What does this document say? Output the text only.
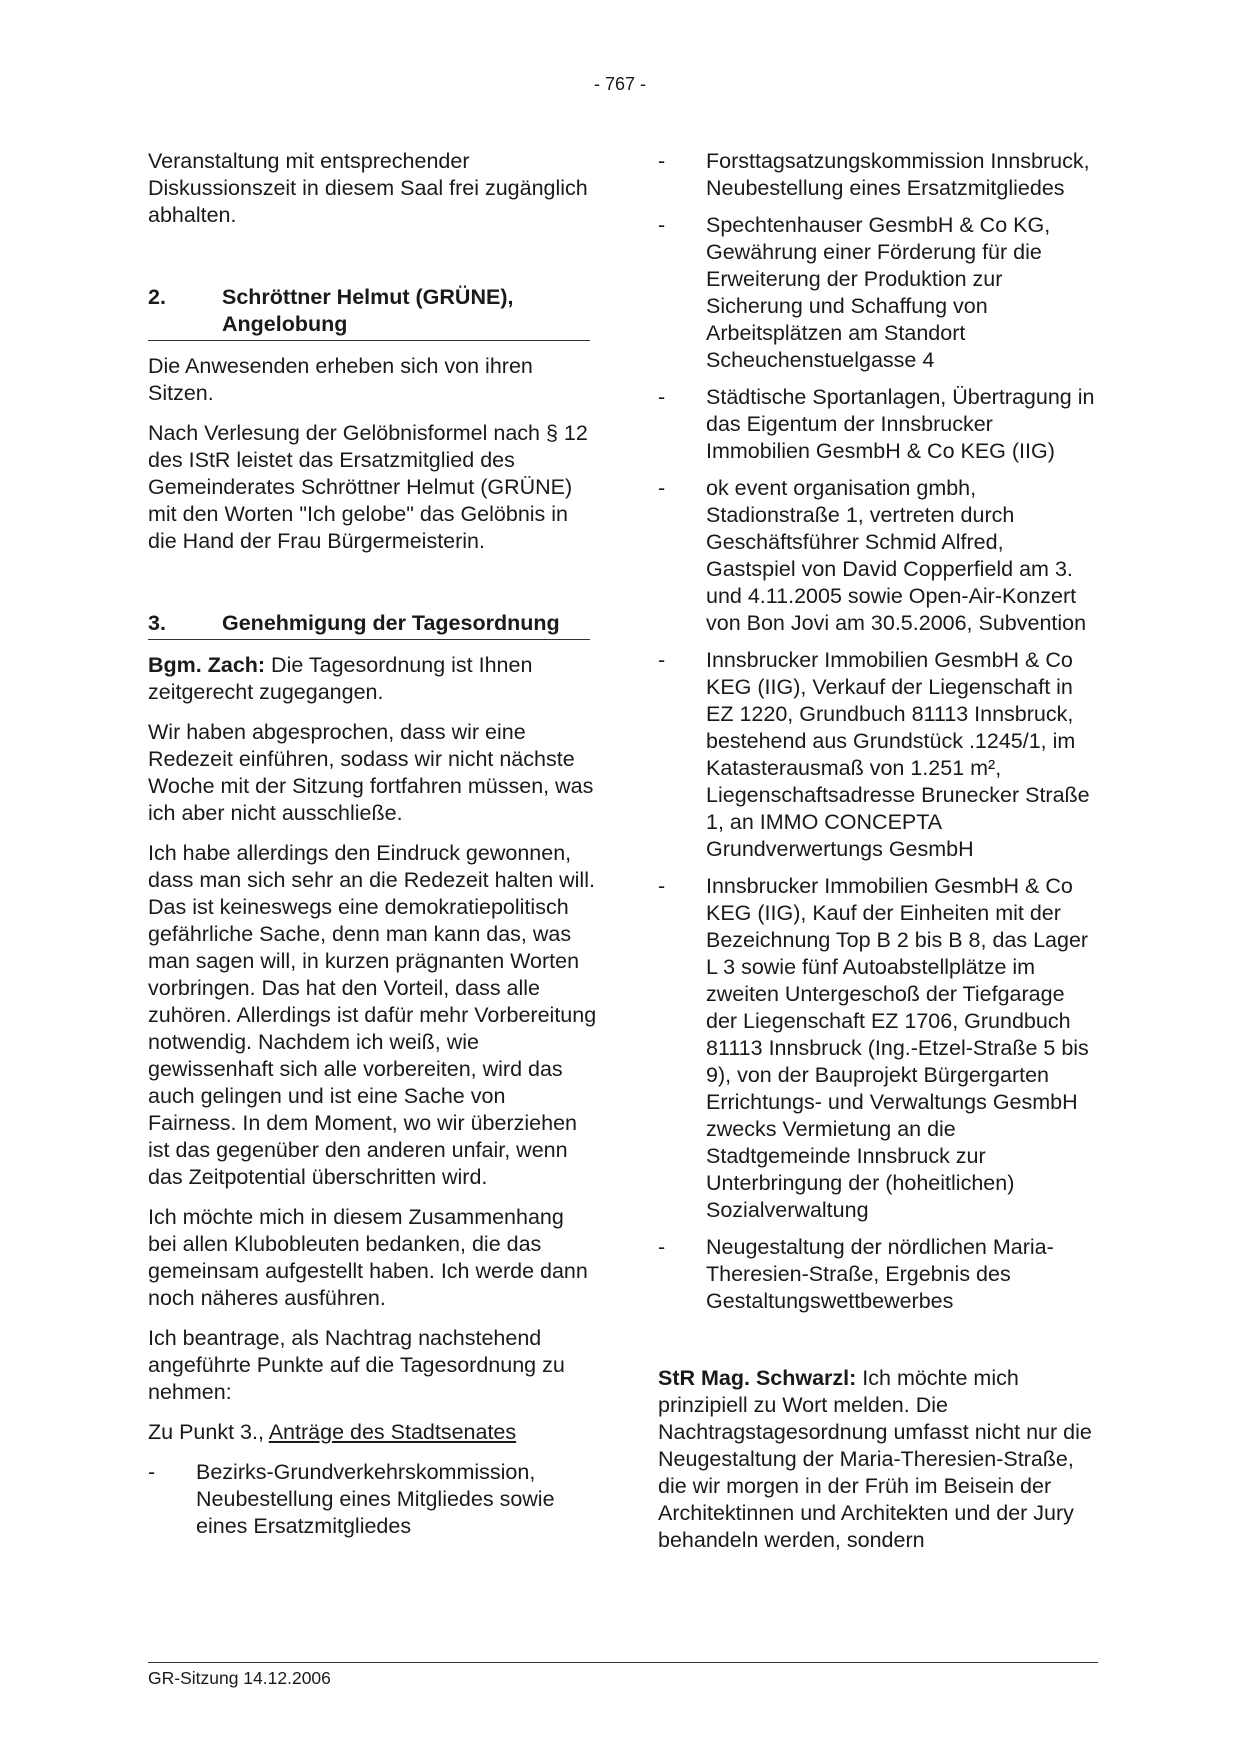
- 767 -

Veranstaltung mit entsprechender Diskussionszeit in diesem Saal frei zugänglich abhalten.

2.	Schröttner Helmut (GRÜNE), Angelobung

Die Anwesenden erheben sich von ihren Sitzen.

Nach Verlesung der Gelöbnisformel nach § 12 des IStR leistet das Ersatzmitglied des Gemeinderates Schröttner Helmut (GRÜNE) mit den Worten "Ich gelobe" das Gelöbnis in die Hand der Frau Bürgermeisterin.

3.	Genehmigung der Tagesordnung

Bgm. Zach: Die Tagesordnung ist Ihnen zeitgerecht zugegangen.

Wir haben abgesprochen, dass wir eine Redezeit einführen, sodass wir nicht nächste Woche mit der Sitzung fortfahren müssen, was ich aber nicht ausschließe.

Ich habe allerdings den Eindruck gewonnen, dass man sich sehr an die Redezeit halten will. Das ist keineswegs eine demokratiepolitisch gefährliche Sache, denn man kann das, was man sagen will, in kurzen prägnanten Worten vorbringen. Das hat den Vorteil, dass alle zuhören. Allerdings ist dafür mehr Vorbereitung notwendig. Nachdem ich weiß, wie gewissenhaft sich alle vorbereiten, wird das auch gelingen und ist eine Sache von Fairness. In dem Moment, wo wir überziehen ist das gegenüber den anderen unfair, wenn das Zeitpotential überschritten wird.

Ich möchte mich in diesem Zusammenhang bei allen Klubobleuten bedanken, die das gemeinsam aufgestellt haben. Ich werde dann noch näheres ausführen.

Ich beantrage, als Nachtrag nachstehend angeführte Punkte auf die Tagesordnung zu nehmen:

Zu Punkt 3., Anträge des Stadtsenates

-	Bezirks-Grundverkehrskommission, Neubestellung eines Mitgliedes sowie eines Ersatzmitgliedes
-	Forsttagsatzungskommission Innsbruck, Neubestellung eines Ersatzmitgliedes
-	Spechtenhauser GesmbH & Co KG, Gewährung einer Förderung für die Erweiterung der Produktion zur Sicherung und Schaffung von Arbeitsplätzen am Standort Scheuchenstuelgasse 4
-	Städtische Sportanlagen, Übertragung in das Eigentum der Innsbrucker Immobilien GesmbH & Co KEG (IIG)
-	ok event organisation gmbh, Stadionstraße 1, vertreten durch Geschäftsführer Schmid Alfred, Gastspiel von David Copperfield am 3. und 4.11.2005 sowie Open-Air-Konzert von Bon Jovi am 30.5.2006, Subvention
-	Innsbrucker Immobilien GesmbH & Co KEG (IIG), Verkauf der Liegenschaft in EZ 1220, Grundbuch 81113 Innsbruck, bestehend aus Grundstück .1245/1, im Katasterausmaß von 1.251 m², Liegenschaftsadresse Brunecker Straße 1, an IMMO CONCEPTA Grundverwertungs GesmbH
-	Innsbrucker Immobilien GesmbH & Co KEG (IIG), Kauf der Einheiten mit der Bezeichnung Top B 2 bis B 8, das Lager L 3 sowie fünf Autoabstellplätze im zweiten Untergeschoß der Tiefgarage der Liegenschaft EZ 1706, Grundbuch 81113 Innsbruck (Ing.-Etzel-Straße 5 bis 9), von der Bauprojekt Bürgergarten Errichtungs- und Verwaltungs GesmbH zwecks Vermietung an die Stadtgemeinde Innsbruck zur Unterbringung der (hoheitlichen) Sozialverwaltung
-	Neugestaltung der nördlichen Maria-Theresien-Straße, Ergebnis des Gestaltungswettbewerbes

StR Mag. Schwarzl: Ich möchte mich prinzipiell zu Wort melden. Die Nachtragstagesordnung umfasst nicht nur die Neugestaltung der Maria-Theresien-Straße, die wir morgen in der Früh im Beisein der Architektinnen und Architekten und der Jury behandeln werden, sondern

GR-Sitzung 14.12.2006
